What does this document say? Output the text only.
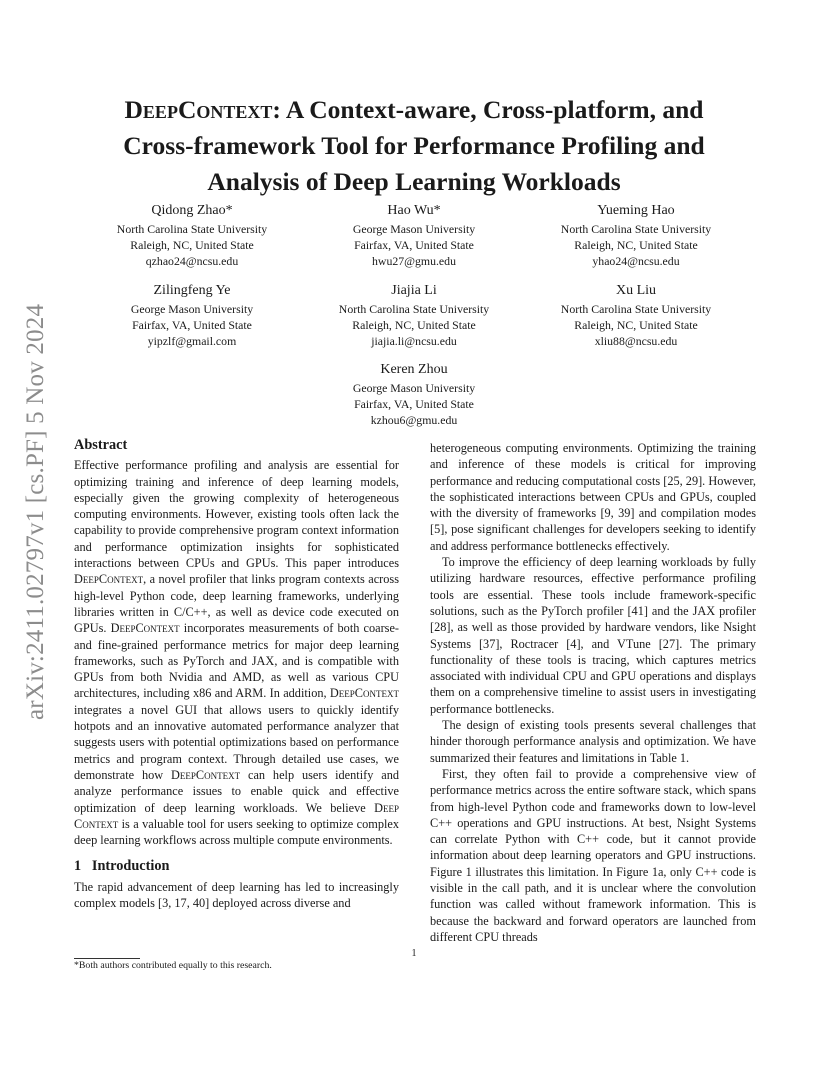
arXiv:2411.02797v1 [cs.PF] 5 Nov 2024
DeepContext: A Context-aware, Cross-platform, and
Cross-framework Tool for Performance Profiling and
Analysis of Deep Learning Workloads
Qidong Zhao*
North Carolina State University
Raleigh, NC, United State
qzhao24@ncsu.edu
Hao Wu*
George Mason University
Fairfax, VA, United State
hwu27@gmu.edu
Yueming Hao
North Carolina State University
Raleigh, NC, United State
yhao24@ncsu.edu
Zilingfeng Ye
George Mason University
Fairfax, VA, United State
yipzlf@gmail.com
Jiajia Li
North Carolina State University
Raleigh, NC, United State
jiajia.li@ncsu.edu
Xu Liu
North Carolina State University
Raleigh, NC, United State
xliu88@ncsu.edu
Keren Zhou
George Mason University
Fairfax, VA, United State
kzhou6@gmu.edu
Abstract

Effective performance profiling and analysis are essential for optimizing training and inference of deep learning models, especially given the growing complexity of heterogeneous computing environments. However, existing tools often lack the capability to provide comprehensive program context information and performance optimization insights for sophisticated interactions between CPUs and GPUs. This paper introduces DeepContext, a novel profiler that links program contexts across high-level Python code, deep learning frameworks, underlying libraries written in C/C++, as well as device code executed on GPUs. DeepContext incorporates measurements of both coarse- and fine-grained performance metrics for major deep learning frameworks, such as PyTorch and JAX, and is compatible with GPUs from both Nvidia and AMD, as well as various CPU architectures, including x86 and ARM. In addition, DeepContext integrates a novel GUI that allows users to quickly identify hotpots and an innovative automated performance analyzer that suggests users with potential optimizations based on performance metrics and program context. Through detailed use cases, we demonstrate how DeepContext can help users identify and analyze performance issues to enable quick and effective optimization of deep learning workloads. We believe Deep Context is a valuable tool for users seeking to optimize complex deep learning workflows across multiple compute environments.

1 Introduction

The rapid advancement of deep learning has led to increasingly complex models [3, 17, 40] deployed across diverse and

heterogeneous computing environments. Optimizing the training and inference of these models is critical for improving performance and reducing computational costs [25, 29]. However, the sophisticated interactions between CPUs and GPUs, coupled with the diversity of frameworks [9, 39] and compilation modes [5], pose significant challenges for developers seeking to identify and address performance bottlenecks effectively.

To improve the efficiency of deep learning workloads by fully utilizing hardware resources, effective performance profiling tools are essential. These tools include framework-specific solutions, such as the PyTorch profiler [41] and the JAX profiler [28], as well as those provided by hardware vendors, like Nsight Systems [37], Roctracer [4], and VTune [27]. The primary functionality of these tools is tracing, which captures metrics associated with individual CPU and GPU operations and displays them on a comprehensive timeline to assist users in investigating performance bottlenecks.

The design of existing tools presents several challenges that hinder thorough performance analysis and optimization. We have summarized their features and limitations in Table 1.

First, they often fail to provide a comprehensive view of performance metrics across the entire software stack, which spans from high-level Python code and frameworks down to low-level C++ operations and GPU instructions. At best, Nsight Systems can correlate Python with C++ code, but it cannot provide information about deep learning operators and GPU instructions. Figure 1 illustrates this limitation. In Figure 1a, only C++ code is visible in the call path, and it is unclear where the convolution function was called without framework information. This is because the backward and forward operators are launched from different CPU threads

*Both authors contributed equally to this research.
1
